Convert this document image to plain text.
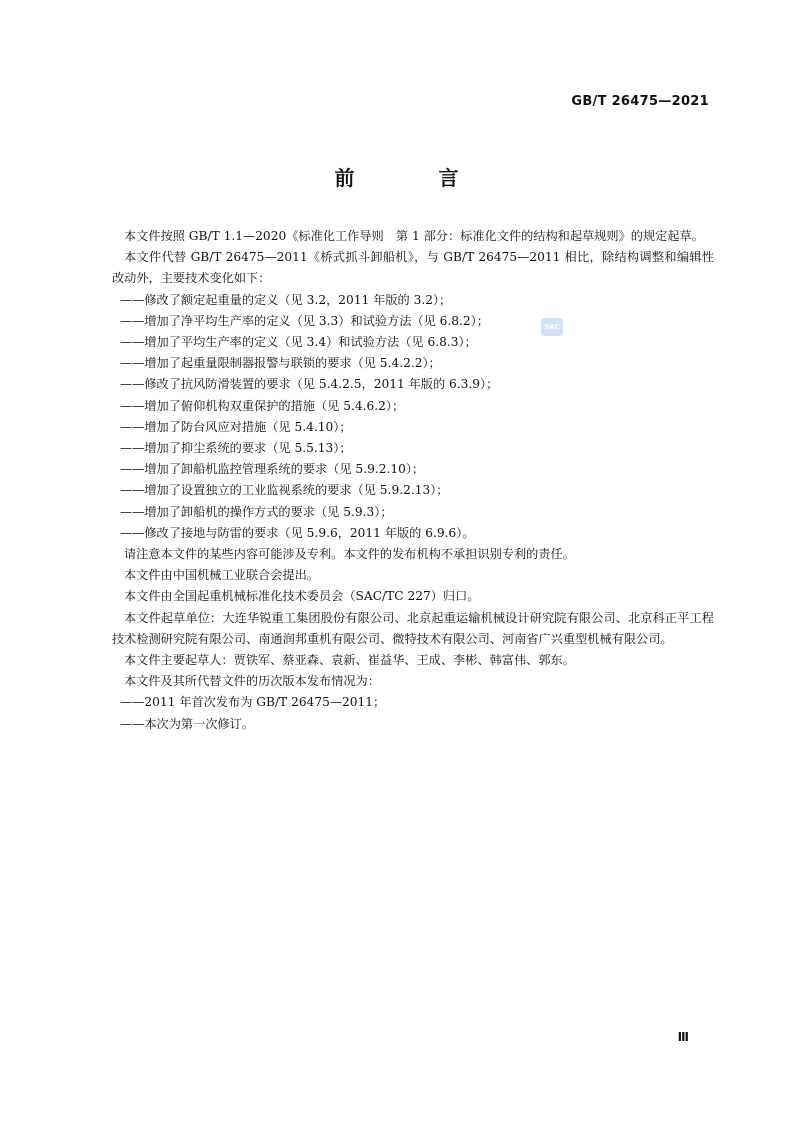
GB/T 26475—2021
前　言
SAC

本文件按照 GB/T 1.1—2020《标准化工作导则　第 1 部分：标准化文件的结构和起草规则》的规定起草。

本文件代替 GB/T 26475—2011《桥式抓斗卸船机》，与 GB/T 26475—2011 相比，除结构调整和编辑性改动外，主要技术变化如下：

——修改了额定起重量的定义（见 3.2，2011 年版的 3.2）；

——增加了净平均生产率的定义（见 3.3）和试验方法（见 6.8.2）；

——增加了平均生产率的定义（见 3.4）和试验方法（见 6.8.3）；

——增加了起重量限制器报警与联锁的要求（见 5.4.2.2）；

——修改了抗风防滑装置的要求（见 5.4.2.5，2011 年版的 6.3.9）；

——增加了俯仰机构双重保护的措施（见 5.4.6.2）；

——增加了防台风应对措施（见 5.4.10）；

——增加了抑尘系统的要求（见 5.5.13）；

——增加了卸船机监控管理系统的要求（见 5.9.2.10）；

——增加了设置独立的工业监视系统的要求（见 5.9.2.13）；

——增加了卸船机的操作方式的要求（见 5.9.3）；

——修改了接地与防雷的要求（见 5.9.6，2011 年版的 6.9.6）。

请注意本文件的某些内容可能涉及专利。本文件的发布机构不承担识别专利的责任。

本文件由中国机械工业联合会提出。

本文件由全国起重机械标准化技术委员会（SAC/TC 227）归口。

本文件起草单位：大连华锐重工集团股份有限公司、北京起重运输机械设计研究院有限公司、北京科正平工程技术检测研究院有限公司、南通润邦重机有限公司、微特技术有限公司、河南省广兴重型机械有限公司。

本文件主要起草人：贾铁军、蔡亚森、袁新、崔益华、王成、李彬、韩富伟、郭东。

本文件及其所代替文件的历次版本发布情况为：

——2011 年首次发布为 GB/T 26475—2011；

——本次为第一次修订。

Ⅲ
